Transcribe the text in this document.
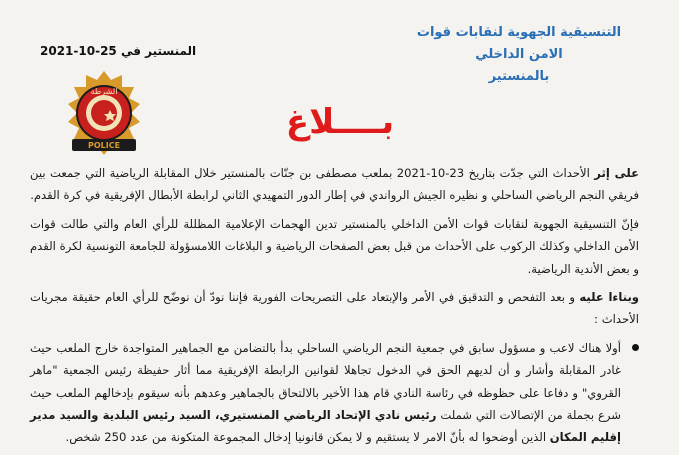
التنسيقية الجهوية لنقابات قوات الامن الداخلي
بالمنستير
المنستير في 25-10-2021
الشرطة
POLICE
بــــلاغ

على إثر الأحداث التي جدّت بتاريخ 23-10-2021 بملعب مصطفى بن جنّات بالمنستير خلال المقابلة الرياضية التي جمعت بين فريقي النجم الرياضي الساحلي و نظيره الجيش الرواندي في إطار الدور التمهيدي الثاني لرابطة الأبطال الإفريقية في كرة القدم.

فإنّ التنسيقية الجهوية لنقابات قوات الأمن الداخلي بالمنستير تدين الهجمات الإعلامية المظللة للرأي العام والتي طالت قوات الأمن الداخلي وكذلك الركوب على الأحداث من قبل بعض الصفحات الرياضية و البلاغات اللامسؤولة للجامعة التونسية لكرة القدم و بعض الأندية الرياضية.

وبناءا عليه و بعد التفحص و التدقيق في الأمر والإبتعاد على التصريحات الفورية فإننا نودّ أن نوضّح للرأي العام حقيقة مجريات الأحداث :

أولا هناك لاعب و مسؤول سابق في جمعية النجم الرياضي الساحلي بدأ بالتضامن مع الجماهير المتواجدة خارج الملعب حيث غادر المقابلة وأشار و أن لديهم الحق في الدخول تجاهلا لقوانين الرابطة الإفريقية مما أثار حفيظة رئيس الجمعية "ماهر القروي" و دفاعا على حظوظه في رئاسة النادي قام هذا الأخير بالالتحاق بالجماهير وعدهم بأنه سيقوم بإدخالهم الملعب حيث شرع بجملة من الإتصالات التي شملت رئيس نادي الإتحاد الرياضي المنستيري، السيد رئيس البلدية والسيد مدير إقليم المكان الذين أوضحوا له بأنّ الامر لا يستقيم و لا يمكن قانونيا إدخال المجموعة المتكونة من عدد 250 شخص.
